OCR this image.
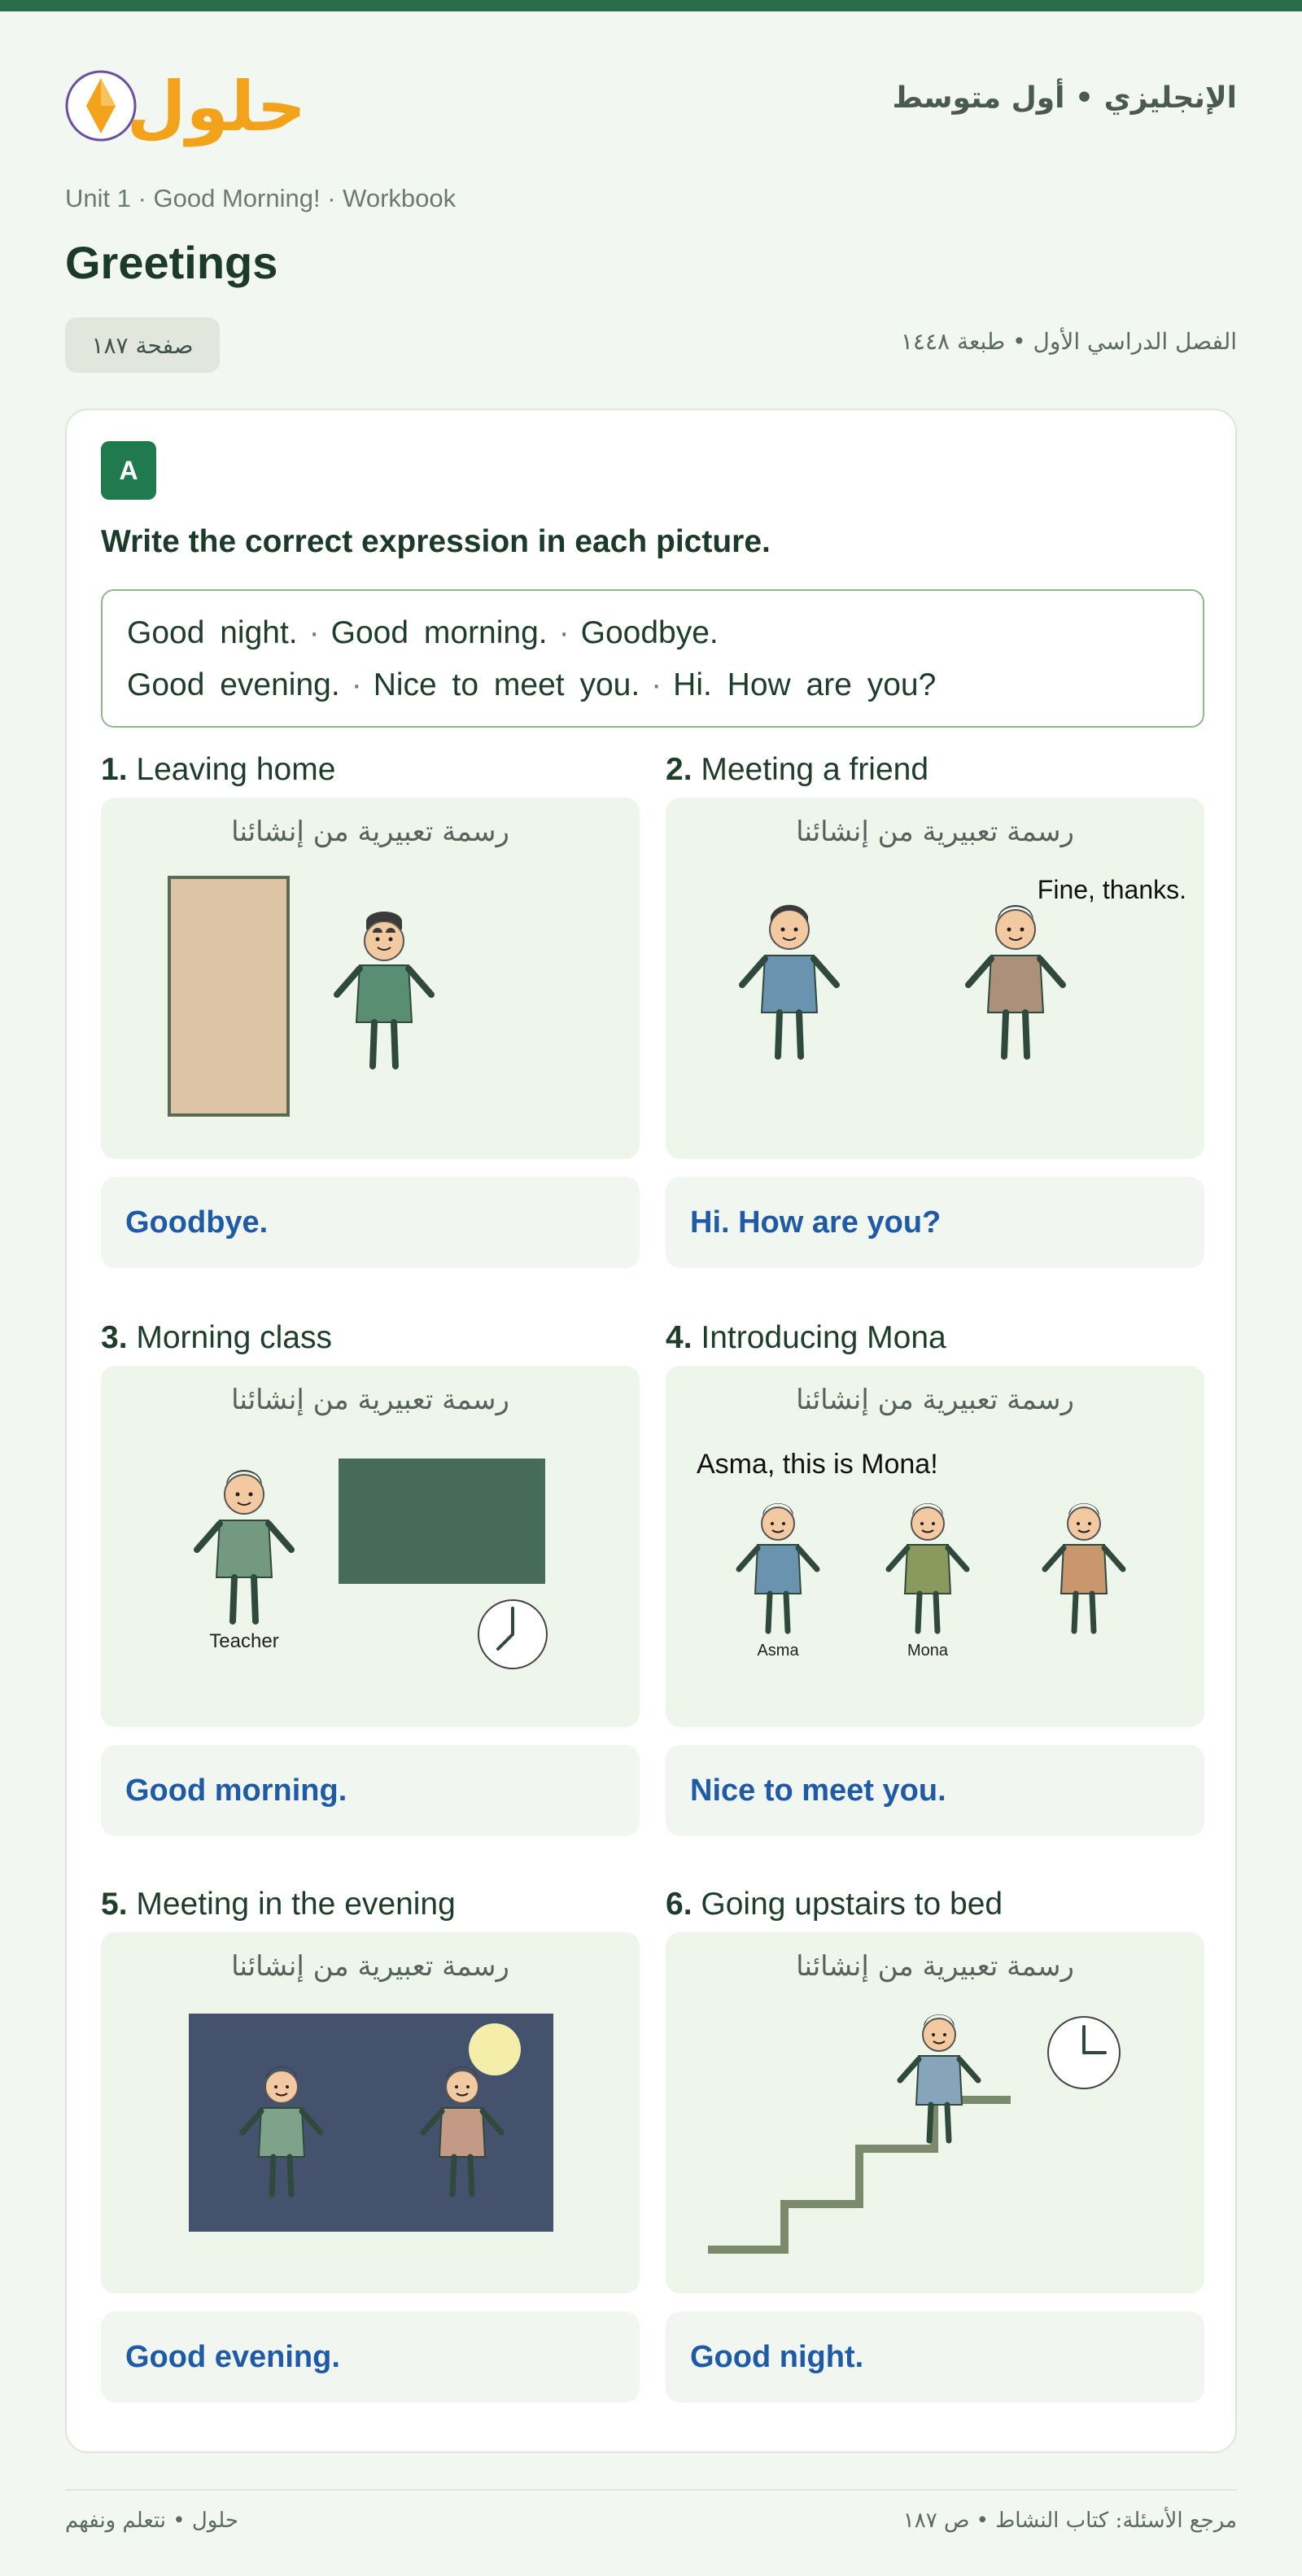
حلول	الإنجليزي • أول متوسط
Unit 1 · Good Morning! · Workbook
Greetings
صفحة ١٨٧	الفصل الدراسي الأول • طبعة ١٤٤٨
A
Write the correct expression in each picture.
Good night. · Good morning. · Goodbye.
Good evening. · Nice to meet you. · Hi. How are you?
1. Leaving home
رسمة تعبيرية من إنشائنا
Goodbye.
2. Meeting a friend
رسمة تعبيرية من إنشائنا
Fine, thanks.
Hi. How are you?
3. Morning class
رسمة تعبيرية من إنشائنا
Teacher
Good morning.
4. Introducing Mona
رسمة تعبيرية من إنشائنا
Asma, this is Mona!
Asma	Mona
Nice to meet you.
5. Meeting in the evening
رسمة تعبيرية من إنشائنا
Good evening.
6. Going upstairs to bed
رسمة تعبيرية من إنشائنا
Good night.
حلول • نتعلم ونفهم	مرجع الأسئلة: كتاب النشاط • ص ١٨٧
